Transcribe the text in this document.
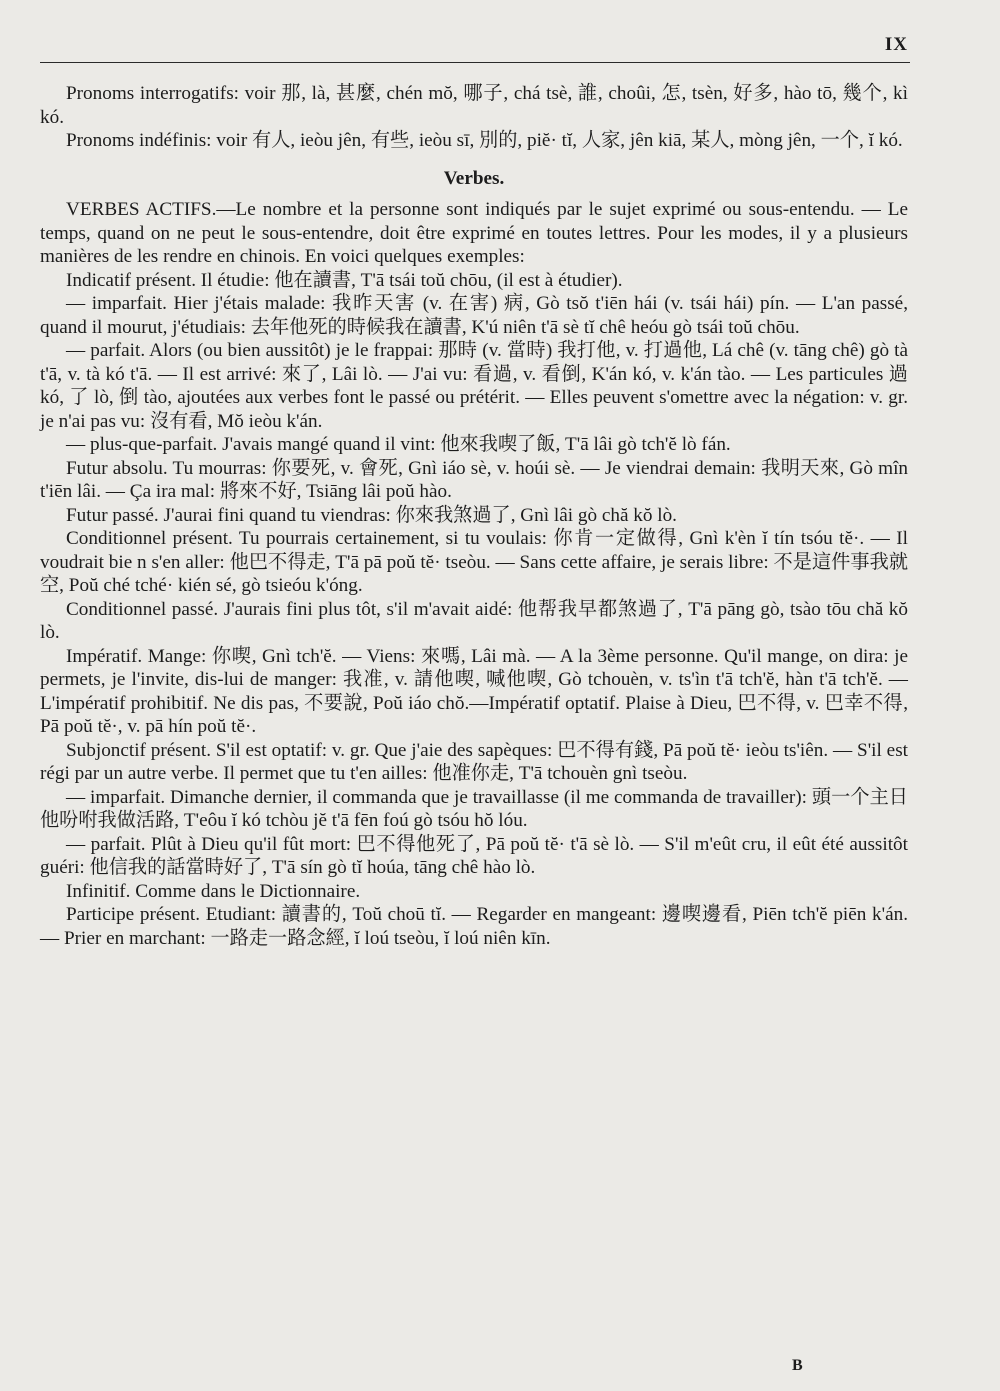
IX

Pronoms interrogatifs: voir 那, là, 甚麼, chén mŏ, 哪子, chá tsè, 誰, choûi, 怎, tsèn, 好多, hào tō, 幾个, kì kó.

Pronoms indéfinis: voir 有人, ieòu jên, 有些, ieòu sī, 別的, piĕ· tĭ, 人家, jên kiā, 某人, mòng jên, 一个, ĭ kó.

Verbes.

VERBES ACTIFS.—Le nombre et la personne sont indiqués par le sujet exprimé ou sous-entendu. — Le temps, quand on ne peut le sous-entendre, doit être exprimé en toutes lettres. Pour les modes, il y a plusieurs manières de les rendre en chinois. En voici quelques exemples:

Indicatif présent. Il étudie: 他在讀書, T'ā tsái toŭ chōu, (il est à étudier).

— imparfait. Hier j'étais malade: 我昨天害 (v. 在害) 病, Gò tsŏ t'iēn hái (v. tsái hái) pín. — L'an passé, quand il mourut, j'étudiais: 去年他死的時候我在讀書, K'ú niên t'ā sè tĭ chê heóu gò tsái toŭ chōu.

— parfait. Alors (ou bien aussitôt) je le frappai: 那時 (v. 當時) 我打他, v. 打過他, Lá chê (v. tāng chê) gò tà t'ā, v. tà kó t'ā. — Il est arrivé: 來了, Lâi lò. — J'ai vu: 看過, v. 看倒, K'án kó, v. k'án tào. — Les particules 過 kó, 了 lò, 倒 tào, ajoutées aux verbes font le passé ou prétérit. — Elles peuvent s'omettre avec la négation: v. gr. je n'ai pas vu: 沒有看, Mŏ ieòu k'án.

— plus-que-parfait. J'avais mangé quand il vint: 他來我喫了飯, T'ā lâi gò tch'ĕ lò fán.

Futur absolu. Tu mourras: 你要死, v. 會死, Gnì iáo sè, v. hoúi sè. — Je viendrai demain: 我明天來, Gò mîn t'iēn lâi. — Ça ira mal: 將來不好, Tsiāng lâi poŭ hào.

Futur passé. J'aurai fini quand tu viendras: 你來我煞過了, Gnì lâi gò chă kŏ lò.

Conditionnel présent. Tu pourrais certainement, si tu voulais: 你肯一定做得, Gnì k'èn ĭ tín tsóu tĕ·. — Il voudrait bie n s'en aller: 他巴不得走, T'ā pā poŭ tĕ· tseòu. — Sans cette affaire, je serais libre: 不是這件事我就空, Poŭ ché tché· kién sé, gò tsieóu k'óng.

Conditionnel passé. J'aurais fini plus tôt, s'il m'avait aidé: 他帮我早都煞過了, T'ā pāng gò, tsào tōu chă kŏ lò.

Impératif. Mange: 你喫, Gnì tch'ĕ. — Viens: 來嗎, Lâi mà. — A la 3ème personne. Qu'il mange, on dira: je permets, je l'invite, dis-lui de manger: 我准, v. 請他喫, 喊他喫, Gò tchouèn, v. ts'ìn t'ā tch'ĕ, hàn t'ā tch'ĕ. — L'impératif prohibitif. Ne dis pas, 不要說, Poŭ iáo chŏ.—Impératif optatif. Plaise à Dieu, 巴不得, v. 巴幸不得, Pā poŭ tĕ·, v. pā hín poŭ tĕ·.

Subjonctif présent. S'il est optatif: v. gr. Que j'aie des sapèques: 巴不得有錢, Pā poŭ tĕ· ieòu ts'iên. — S'il est régi par un autre verbe. Il permet que tu t'en ailles: 他准你走, T'ā tchouèn gnì tseòu.

— imparfait. Dimanche dernier, il commanda que je travaillasse (il me commanda de travailler): 頭一个主日他吩咐我做活路, T'eôu ĭ kó tchòu jĕ t'ā fēn foú gò tsóu hŏ lóu.

— parfait. Plût à Dieu qu'il fût mort: 巴不得他死了, Pā poŭ tĕ· t'ā sè lò. — S'il m'eût cru, il eût été aussitôt guéri: 他信我的話當時好了, T'ā sín gò tĭ hoúa, tāng chê hào lò.

Infinitif. Comme dans le Dictionnaire.

Participe présent. Etudiant: 讀書的, Toŭ choū tĭ. — Regarder en mangeant: 邊喫邊看, Piēn tch'ĕ piēn k'án. — Prier en marchant: 一路走一路念經, ĭ loú tseòu, ĭ loú niên kīn.

B
